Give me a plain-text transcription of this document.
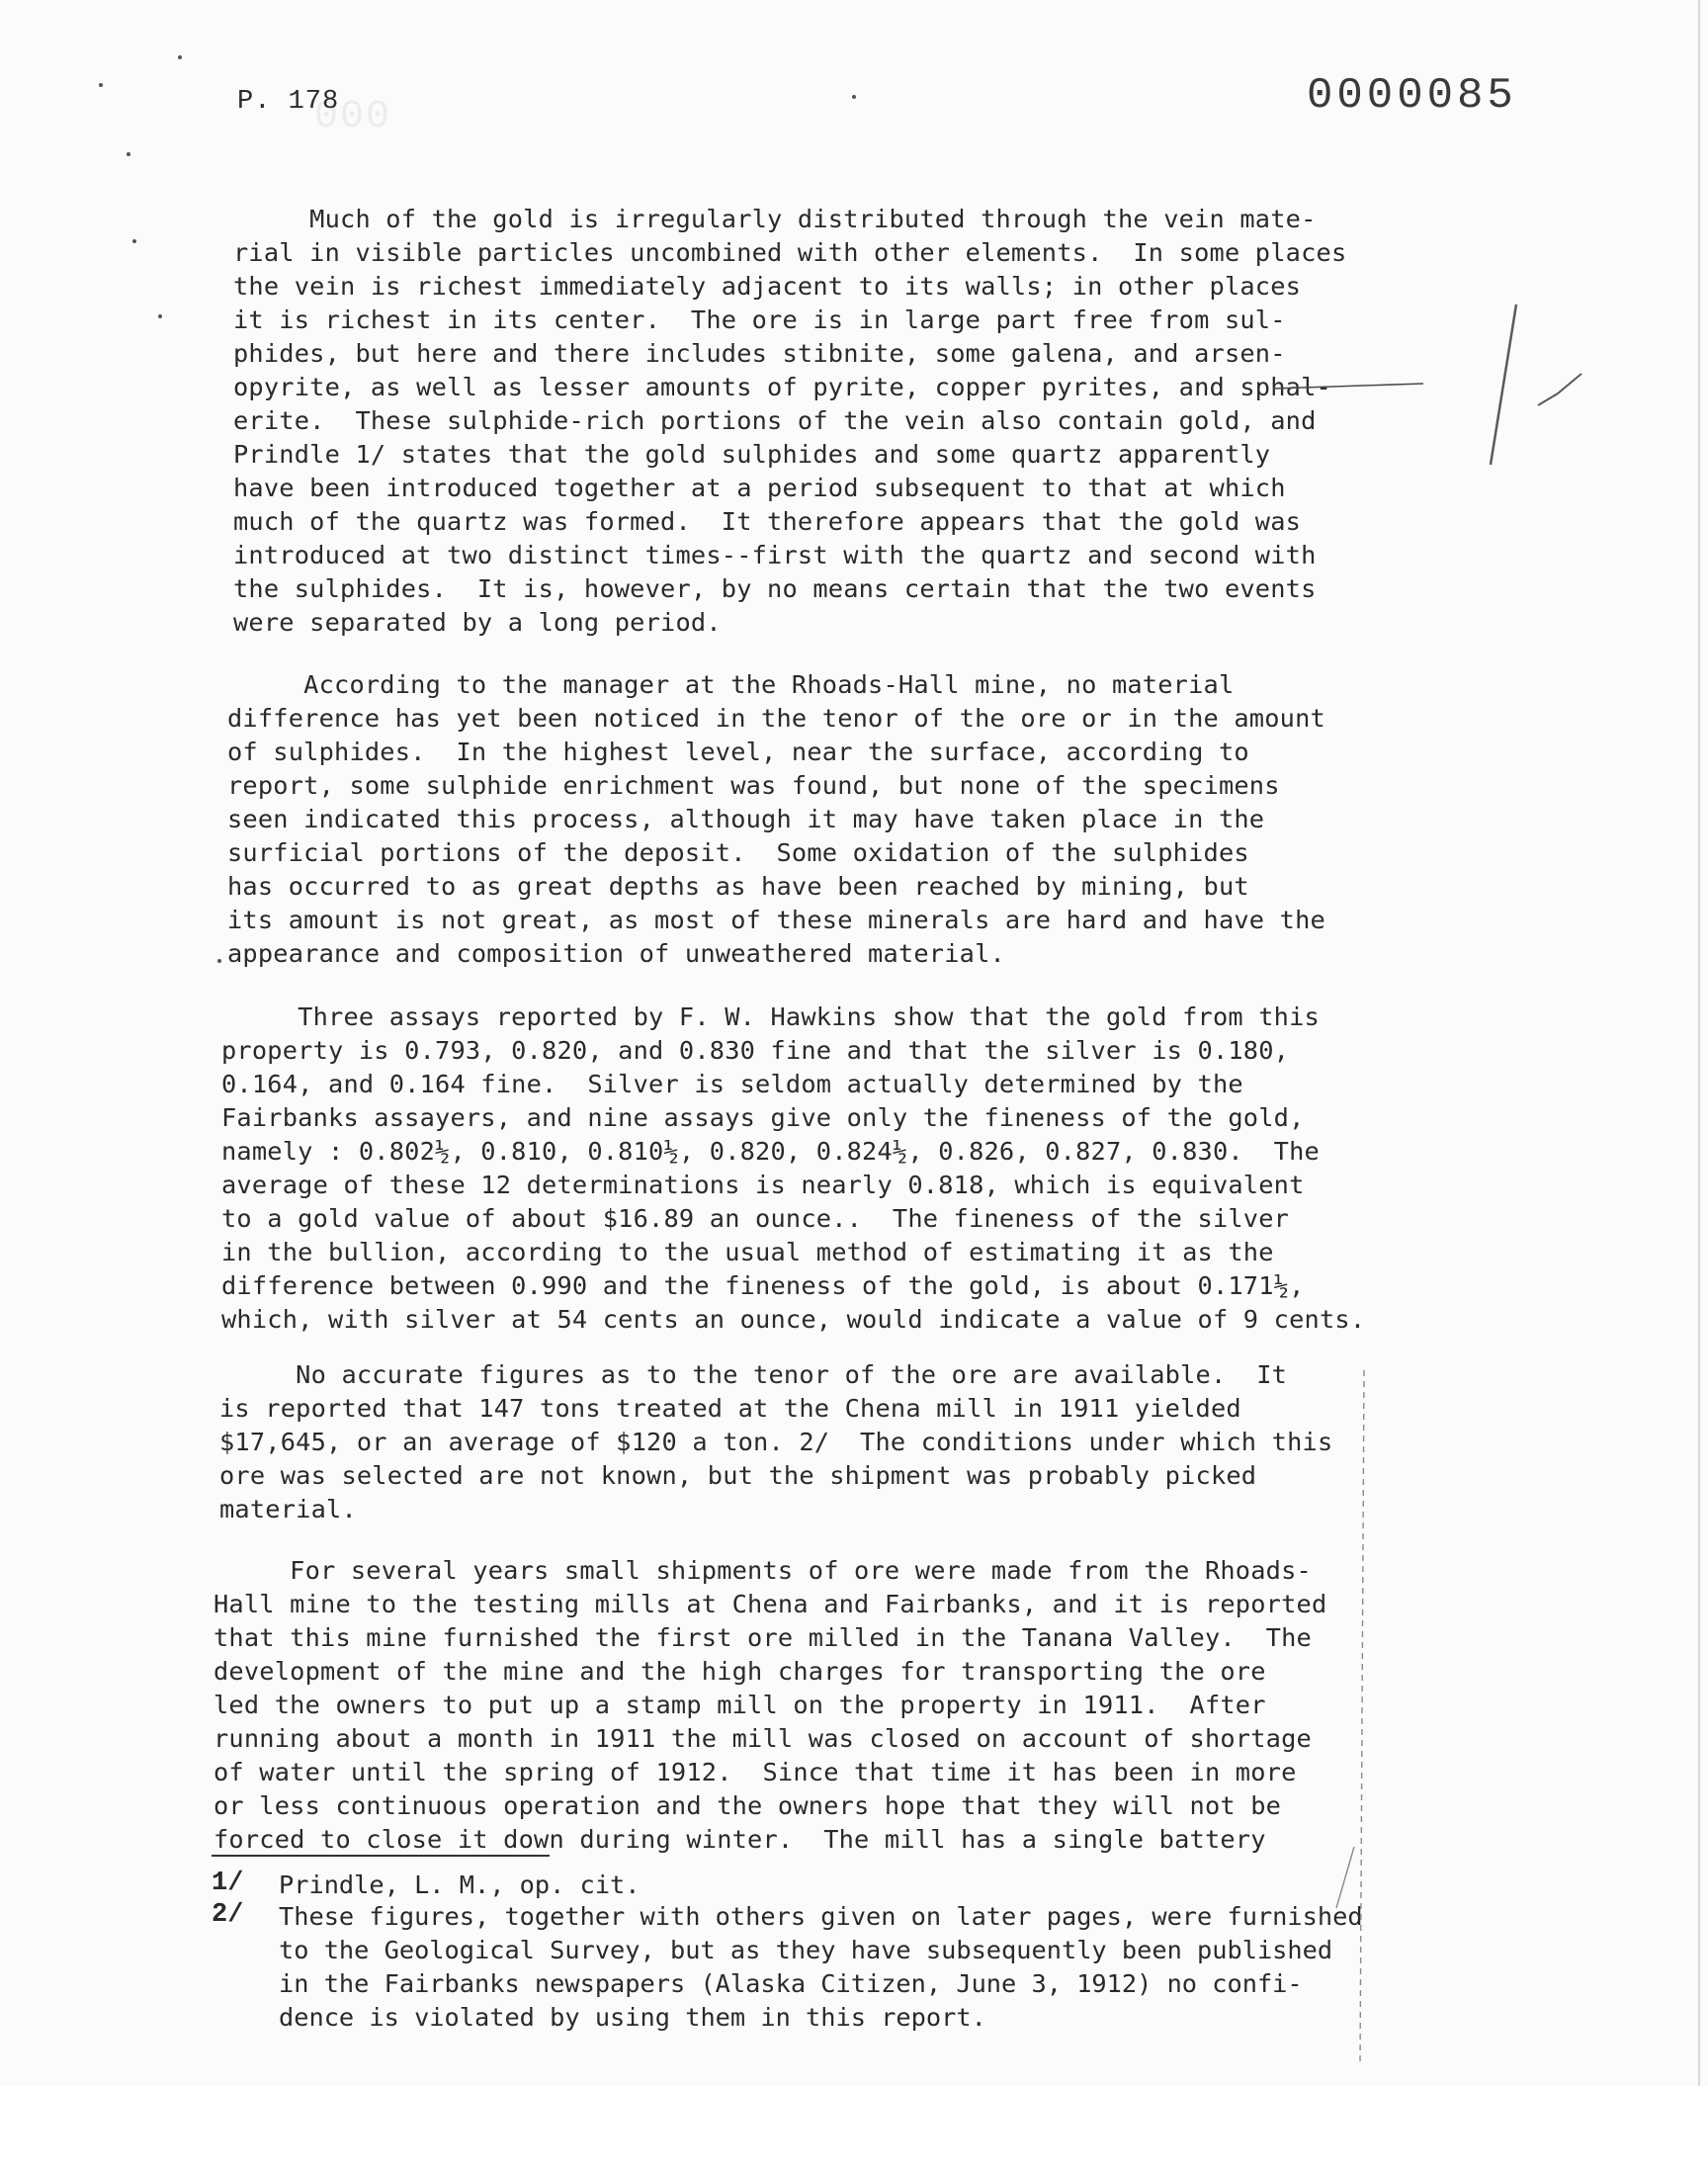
000
P. 178	0000085
Much of the gold is irregularly distributed through the vein mate-
rial in visible particles uncombined with other elements.  In some places
the vein is richest immediately adjacent to its walls; in other places
it is richest in its center.  The ore is in large part free from sul-
phides, but here and there includes stibnite, some galena, and arsen-
opyrite, as well as lesser amounts of pyrite, copper pyrites, and sphal-
erite.  These sulphide-rich portions of the vein also contain gold, and
Prindle 1/ states that the gold sulphides and some quartz apparently
have been introduced together at a period subsequent to that at which
much of the quartz was formed.  It therefore appears that the gold was
introduced at two distinct times--first with the quartz and second with
the sulphides.  It is, however, by no means certain that the two events
were separated by a long period.
According to the manager at the Rhoads-Hall mine, no material
difference has yet been noticed in the tenor of the ore or in the amount
of sulphides.  In the highest level, near the surface, according to
report, some sulphide enrichment was found, but none of the specimens
seen indicated this process, although it may have taken place in the
surficial portions of the deposit.  Some oxidation of the sulphides
has occurred to as great depths as have been reached by mining, but
its amount is not great, as most of these minerals are hard and have the
appearance and composition of unweathered material.
Three assays reported by F. W. Hawkins show that the gold from this
property is 0.793, 0.820, and 0.830 fine and that the silver is 0.180,
0.164, and 0.164 fine.  Silver is seldom actually determined by the
Fairbanks assayers, and nine assays give only the fineness of the gold,
namely : 0.802½, 0.810, 0.810½, 0.820, 0.824½, 0.826, 0.827, 0.830.  The
average of these 12 determinations is nearly 0.818, which is equivalent
to a gold value of about $16.89 an ounce..  The fineness of the silver
in the bullion, according to the usual method of estimating it as the
difference between 0.990 and the fineness of the gold, is about 0.171½,
which, with silver at 54 cents an ounce, would indicate a value of 9 cents.
No accurate figures as to the tenor of the ore are available.  It
is reported that 147 tons treated at the Chena mill in 1911 yielded
$17,645, or an average of $120 a ton. 2/  The conditions under which this
ore was selected are not known, but the shipment was probably picked
material.
For several years small shipments of ore were made from the Rhoads-
Hall mine to the testing mills at Chena and Fairbanks, and it is reported
that this mine furnished the first ore milled in the Tanana Valley.  The
development of the mine and the high charges for transporting the ore
led the owners to put up a stamp mill on the property in 1911.  After
running about a month in 1911 the mill was closed on account of shortage
of water until the spring of 1912.  Since that time it has been in more
or less continuous operation and the owners hope that they will not be
forced to close it down during winter.  The mill has a single battery
1/ Prindle, L. M., op. cit.
2/ These figures, together with others given on later pages, were furnished
to the Geological Survey, but as they have subsequently been published
in the Fairbanks newspapers (Alaska Citizen, June 3, 1912) no confi-
dence is violated by using them in this report.
